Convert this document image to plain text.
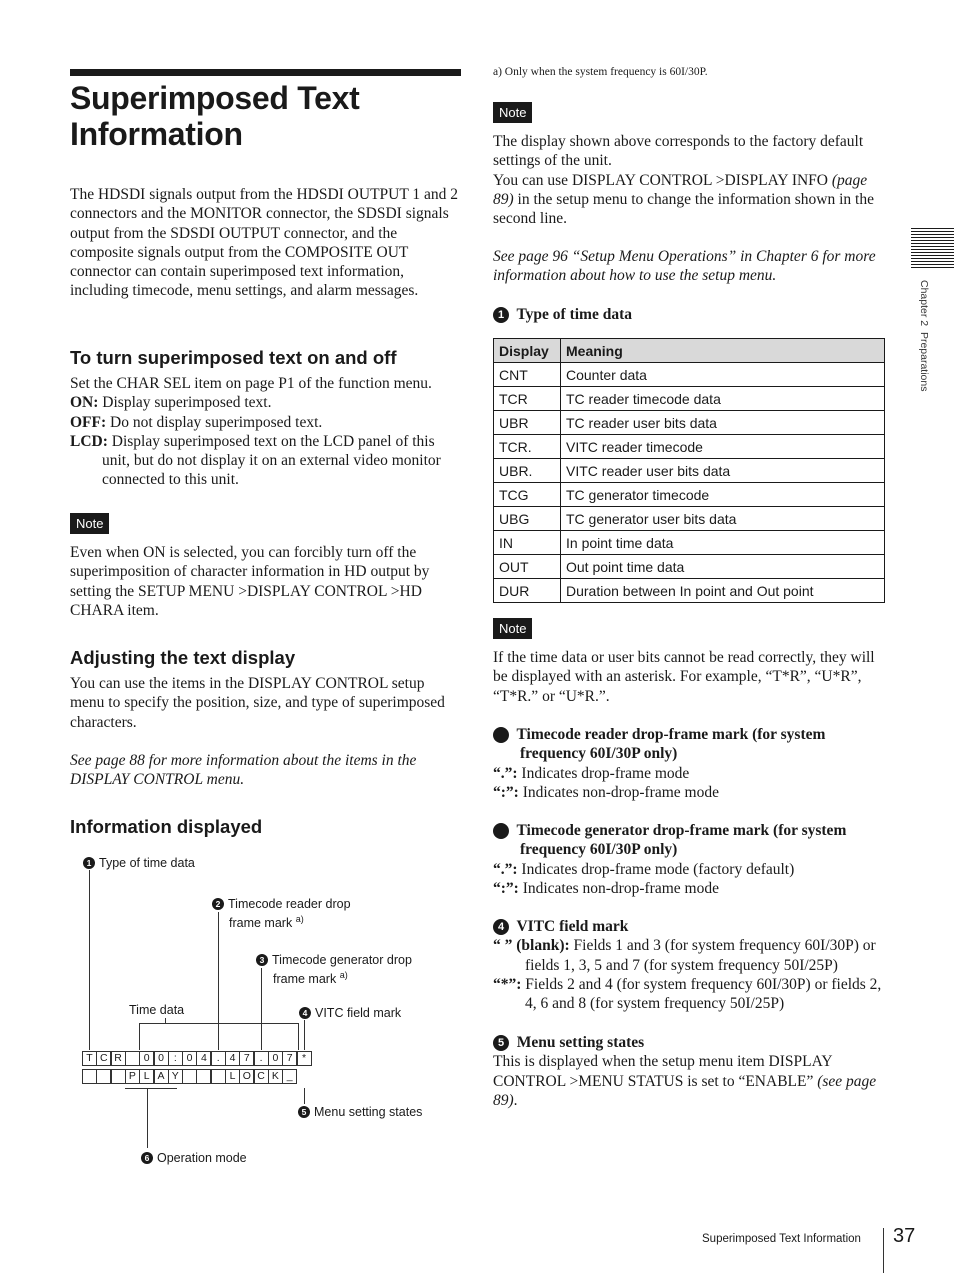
Superimposed Text Information

The HDSDI signals output from the HDSDI OUTPUT 1 and 2 connectors and the MONITOR connector, the SDSDI signals output from the SDSDI OUTPUT connector, and the composite signals output from the COMPOSITE OUT connector can contain superimposed text information, including timecode, menu settings, and alarm messages.

To turn superimposed text on and off

Set the CHAR SEL item on page P1 of the function menu.

ON: Display superimposed text.

OFF: Do not display superimposed text.

LCD: Display superimposed text on the LCD panel of this unit, but do not display it on an external video monitor connected to this unit.

Note

Even when ON is selected, you can forcibly turn off the superimposition of character information in HD output by setting the SETUP MENU >DISPLAY CONTROL >HD CHARA item.

Adjusting the text display

You can use the items in the DISPLAY CONTROL setup menu to specify the position, size, and type of superimposed characters.

See page 88 for more information about the items in the DISPLAY CONTROL menu.

Information displayed
1 Type of time data
2 Timecode reader drop
frame mark $^{a)}$
3 Timecode generator drop
frame mark $^{a)}$
Time data	4 VITC field mark
5 Menu setting states
6 Operation mode
T C R	0 0 : 0 4 . 4 7 . 0 7 *
P L A Y	L O C K _

a) Only when the system frequency is 60I/30P.

Note

The display shown above corresponds to the factory default settings of the unit.

You can use DISPLAY CONTROL >DISPLAY INFO (page 89) in the setup menu to change the information shown in the second line.

See page 96 “Setup Menu Operations” in Chapter 6 for more information about how to use the setup menu.

1 Type of time data
Display	Meaning
CNT	Counter data
TCR	TC reader timecode data
UBR	TC reader user bits data
TCR.	VITC reader timecode
UBR.	VITC reader user bits data
TCG	TC generator timecode
UBG	TC generator user bits data
IN	In point time data
OUT	Out point time data
DUR	Duration between In point and Out point
Note

If the time data or user bits cannot be read correctly, they will be displayed with an asterisk. For example, “T*R”, “U*R”, “T*R.” or “U*R.”.

2 Timecode reader drop-frame mark (for system frequency 60I/30P only)

“.”: Indicates drop-frame mode

“:”: Indicates non-drop-frame mode

3 Timecode generator drop-frame mark (for system frequency 60I/30P only)

“.”: Indicates drop-frame mode (factory default)

“:”: Indicates non-drop-frame mode

4 VITC field mark

“ ” (blank): Fields 1 and 3 (for system frequency 60I/30P) or fields 1, 3, 5 and 7 (for system frequency 50I/25P)

“*”: Fields 2 and 4 (for system frequency 60I/30P) or fields 2, 4, 6 and 8 (for system frequency 50I/25P)

5 Menu setting states

This is displayed when the setup menu item DISPLAY CONTROL >MENU STATUS is set to “ENABLE” (see page 89).

Chapter 2  Preparations
Superimposed Text Information 37
